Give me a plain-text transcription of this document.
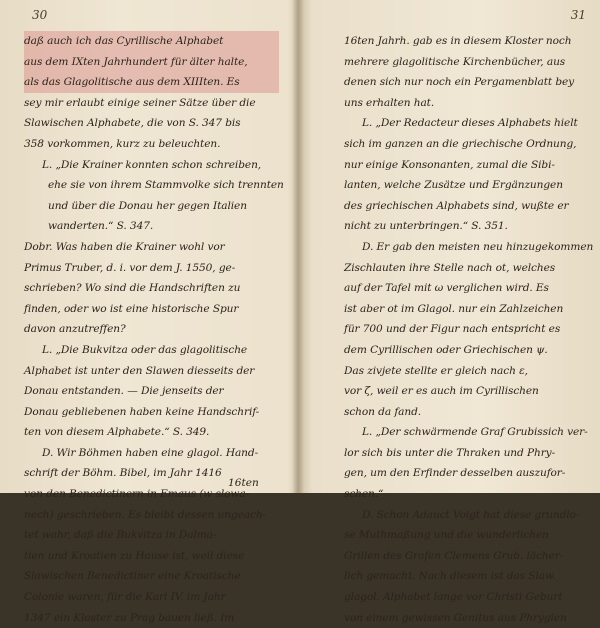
30
daß auch ich das Cyrillische Alphabet
aus dem IXten Jahrhundert für älter halte,
als das Glagolitische aus dem XIIIten. Es
sey mir erlaubt einige seiner Sätze über die
Slawischen Alphabete, die von S. 347 bis
358 vorkommen, kurz zu beleuchten.
L. „Die Krainer konnten schon schreiben,
ehe sie von ihrem Stammvolke sich trennten
und über die Donau her gegen Italien
wanderten.“ S. 347.
Dobr. Was haben die Krainer wohl vor
Primus Truber, d. i. vor dem J. 1550, ge-
schrieben? Wo sind die Handschriften zu
finden, oder wo ist eine historische Spur
davon anzutreffen?
L. „Die Bukvitza oder das glagolitische
Alphabet ist unter den Slawen diesseits der
Donau entstanden. — Die jenseits der
Donau gebliebenen haben keine Handschrif-
ten von diesem Alphabete.“ S. 349.
D. Wir Böhmen haben eine glagol. Hand-
schrift der Böhm. Bibel, im Jahr 1416
von den Benedictinern in Emaus (w slowa-
nech) geschrieben. Es bleibt dessen ungeach-
tet wahr, daß die Bukvitza in Dalma-
tien und Kroatien zu Hause ist, weil diese
Slawischen Benedictiner eine Kroatische
Colonie waren, für die Karl IV. im Jahr
1347 ein Kloster zu Prag bauen ließ. Im
16ten
31
16ten Jahrh. gab es in diesem Kloster noch
mehrere glagolitische Kirchenbücher, aus
denen sich nur noch ein Pergamenblatt bey
uns erhalten hat.
L. „Der Redacteur dieses Alphabets hielt
sich im ganzen an die griechische Ordnung,
nur einige Konsonanten, zumal die Sibi-
lanten, welche Zusätze und Ergänzungen
des griechischen Alphabets sind, wußte er
nicht zu unterbringen.“ S. 351.
D. Er gab den meisten neu hinzugekommen
Zischlauten ihre Stelle nach ot, welches
auf der Tafel mit ω verglichen wird. Es
ist aber ot im Glagol. nur ein Zahlzeichen
für 700 und der Figur nach entspricht es
dem Cyrillischen oder Griechischen ψ.
Das zivjete stellte er gleich nach ε,
vor ζ, weil er es auch im Cyrillischen
schon da fand.
L. „Der schwärmende Graf Grubissich ver-
lor sich bis unter die Thraken und Phry-
gen, um den Erfinder desselben auszufor-
schen.“
D. Schon Adauct Voigt hat diese grundlo-
se Muthmaßung und die wunderlichen
Grillen des Grafen Clemens Grub. lächer-
lich gemacht. Nach diesem ist das Slaw.
glagol. Alphabet lange vor Christi Geburt
von einem gewissen Genitus aus Phrygien
